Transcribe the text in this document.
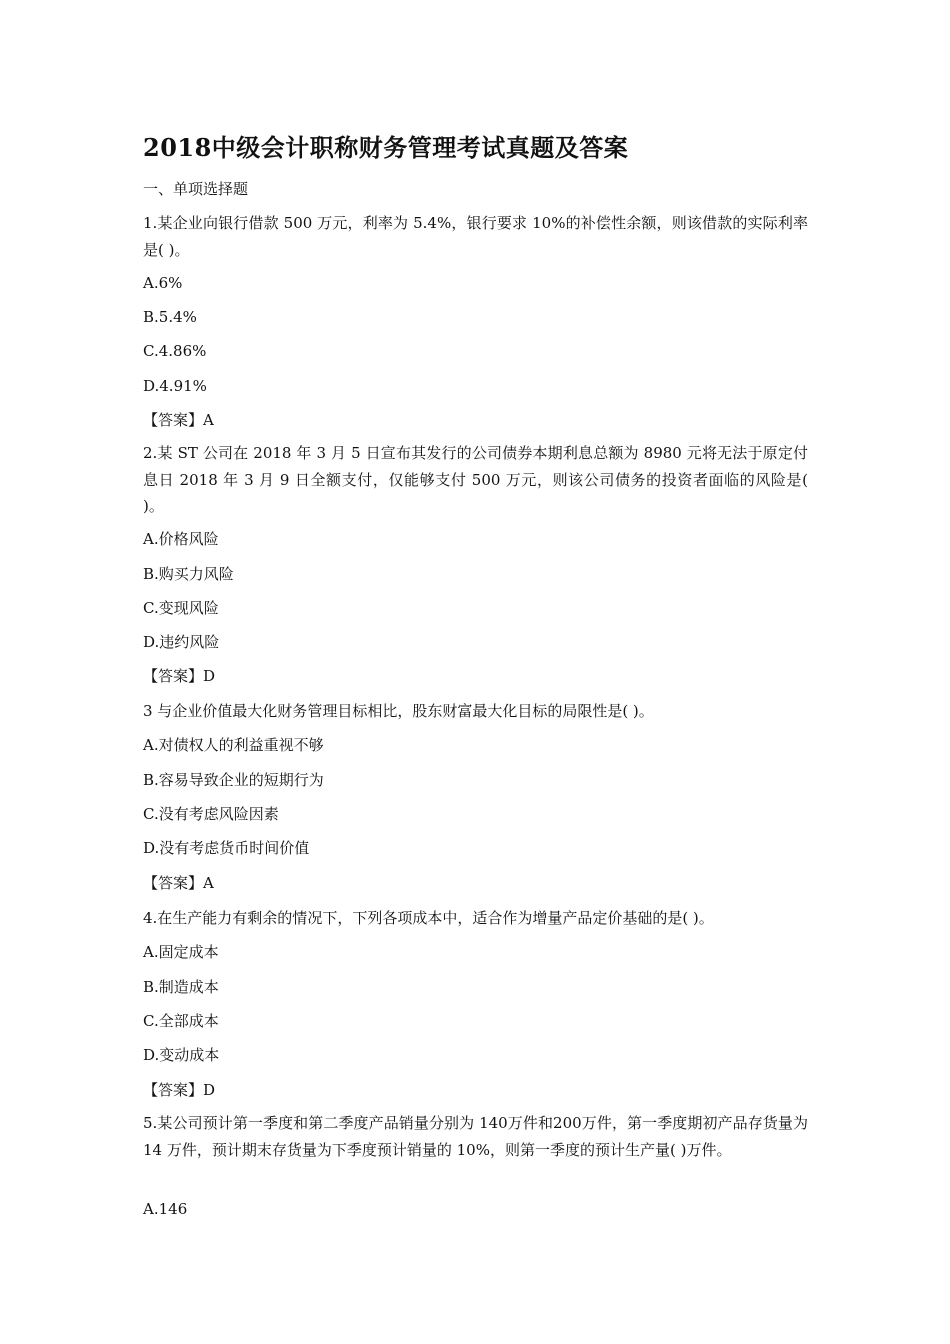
2018中级会计职称财务管理考试真题及答案

一、单项选择题

1.某企业向银行借款 500 万元，利率为 5.4%，银行要求 10%的补偿性余额，则该借款的实际利率是( )。

A.6%

B.5.4%

C.4.86%

D.4.91%

【答案】A

2.某 ST 公司在 2018 年 3 月 5 日宣布其发行的公司债券本期利息总额为 8980 元将无法于原定付息日 2018 年 3 月 9 日全额支付，仅能够支付 500 万元，则该公司债务的投资者面临的风险是( )。

A.价格风险

B.购买力风险

C.变现风险

D.违约风险

【答案】D

3 与企业价值最大化财务管理目标相比，股东财富最大化目标的局限性是( )。

A.对债权人的利益重视不够

B.容易导致企业的短期行为

C.没有考虑风险因素

D.没有考虑货币时间价值

【答案】A

4.在生产能力有剩余的情况下，下列各项成本中，适合作为增量产品定价基础的是( )。

A.固定成本

B.制造成本

C.全部成本

D.变动成本

【答案】D

5.某公司预计第一季度和第二季度产品销量分别为 140万件和200万件，第一季度期初产品存货量为 14 万件，预计期末存货量为下季度预计销量的 10%，则第一季度的预计生产量( )万件。

A.146
